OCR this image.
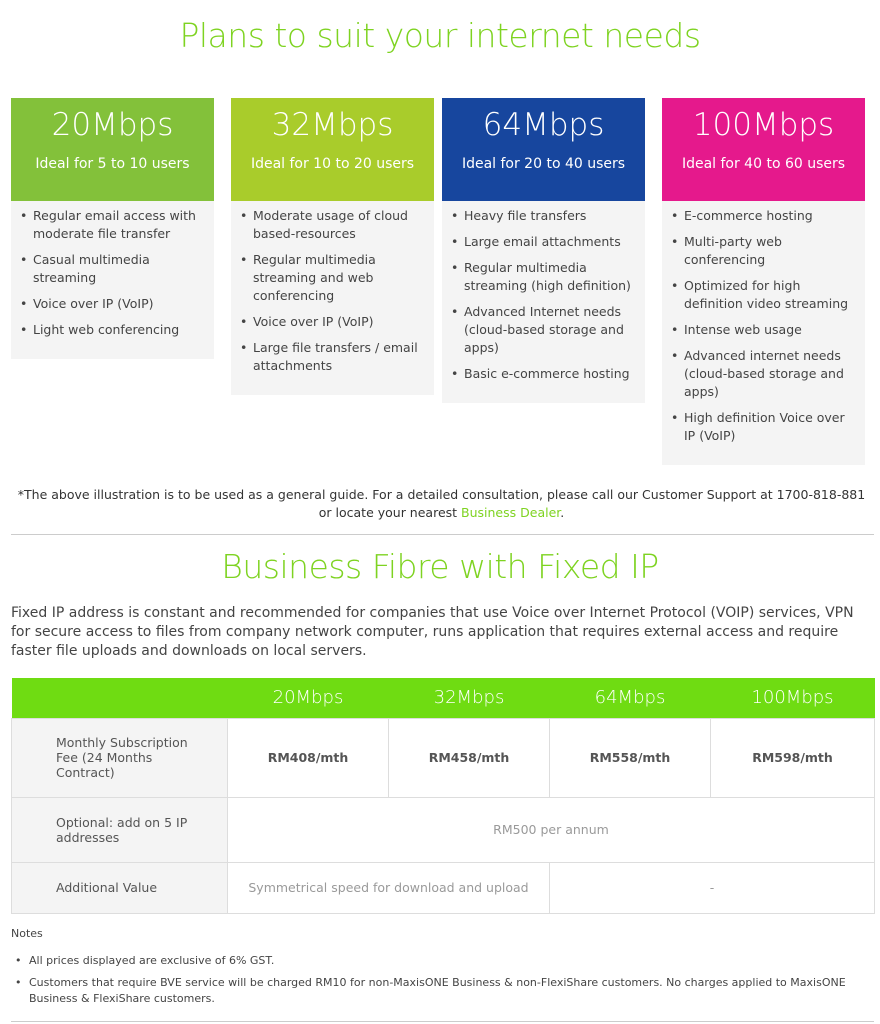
Plans to suit your internet needs
20Mbps
Ideal for 5 to 10 users
• Regular email access with moderate file transfer
• Casual multimedia streaming
• Voice over IP (VoIP)
• Light web conferencing
32Mbps
Ideal for 10 to 20 users
• Moderate usage of cloud based-resources
• Regular multimedia streaming and web conferencing
• Voice over IP (VoIP)
• Large file transfers / email attachments
64Mbps
Ideal for 20 to 40 users
• Heavy file transfers
• Large email attachments
• Regular multimedia streaming (high definition)
• Advanced Internet needs (cloud-based storage and apps)
• Basic e-commerce hosting
100Mbps
Ideal for 40 to 60 users
• E-commerce hosting
• Multi-party web conferencing
• Optimized for high definition video streaming
• Intense web usage
• Advanced internet needs (cloud-based storage and apps)
• High definition Voice over IP (VoIP)
*The above illustration is to be used as a general guide. For a detailed consultation, please call our Customer Support at 1700-818-881 or locate your nearest Business Dealer.
Business Fibre with Fixed IP

Fixed IP address is constant and recommended for companies that use Voice over Internet Protocol (VOIP) services, VPN for secure access to files from company network computer, runs application that requires external access and require faster file uploads and downloads on local servers.

	20Mbps	32Mbps	64Mbps	100Mbps
Monthly Subscription Fee (24 Months Contract)	RM408/mth	RM458/mth	RM558/mth	RM598/mth
Optional: add on 5 IP addresses	RM500 per annum			
Additional Value	Symmetrical speed for download and upload		-	
Notes
• All prices displayed are exclusive of 6% GST.
• Customers that require BVE service will be charged RM10 for non-MaxisONE Business & non-FlexiShare customers. No charges applied to MaxisONE Business & FlexiShare customers.
